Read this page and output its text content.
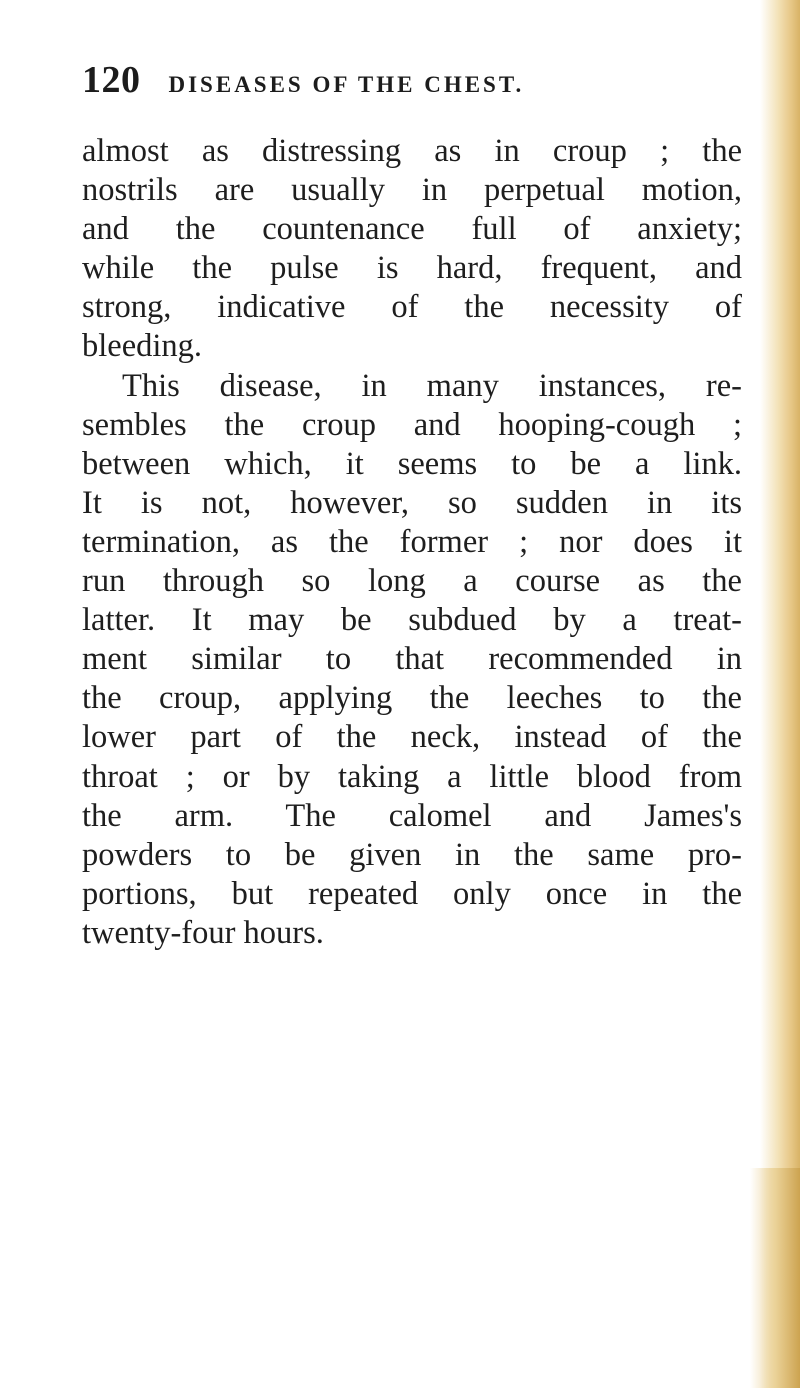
120 DISEASES OF THE CHEST.
almost as distressing as in croup ; the
nostrils are usually in perpetual motion,
and the countenance full of anxiety;
while the pulse is hard, frequent, and
strong, indicative of the necessity of
bleeding.
This disease, in many instances, re-
sembles the croup and hooping-cough ;
between which, it seems to be a link.
It is not, however, so sudden in its
termination, as the former ; nor does it
run through so long a course as the
latter. It may be subdued by a treat-
ment similar to that recommended in
the croup, applying the leeches to the
lower part of the neck, instead of the
throat ; or by taking a little blood from
the arm. The calomel and James's
powders to be given in the same pro-
portions, but repeated only once in the
twenty-four hours.
